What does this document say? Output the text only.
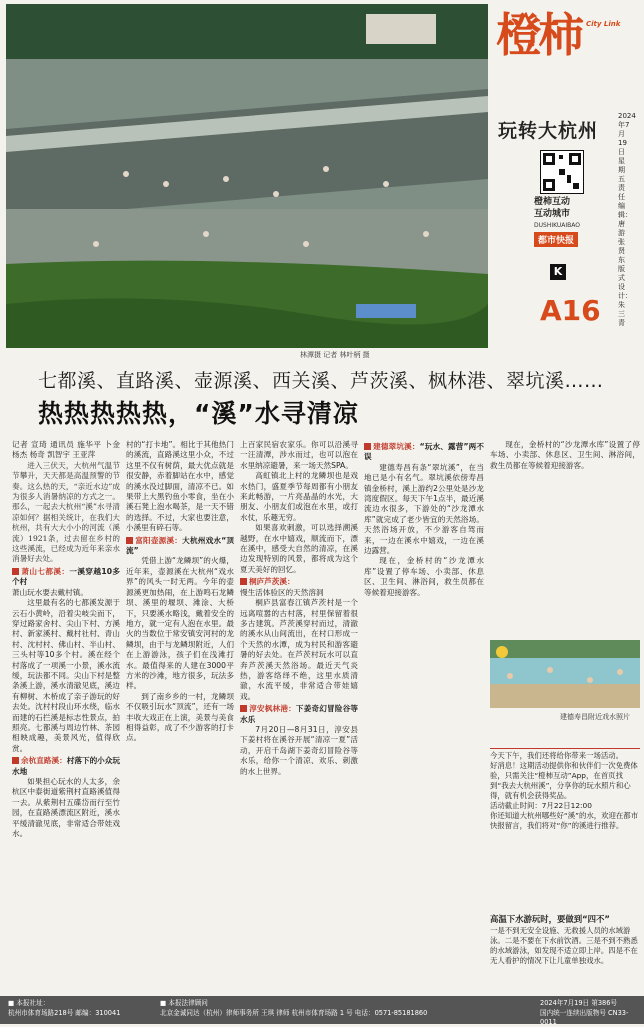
林潭摄 记者 林叶柄 摄
橙柿 City Link
玩转大杭州
2024年7月19日 星期五 责任编辑：唐游 张贤东 版式设计：朱三青
橙柿互动
互动城市
DUSHIKUAIBAO
都市快报
K
A16
七都溪、直路溪、壶源溪、西关溪、芦茨溪、枫林港、翠坑溪……
热热热热热，“溪”水寻清凉

记者 宣琦 通讯员 施华平 卜金 杨杰 杨奇 凯智宇 王亚萍

进入三伏天，大杭州气温节节攀升，天天都是高温预警的节奏。这么热的天，“亲近水边”成为很多人消暑纳凉的方式之一。那么，一起去大杭州“溪”水寻清凉如何？据相关统计，在我们大杭州，共有大大小小的河流（溪流）1921条，过去留在乡村的这些溪流，已经成为近年来亲水消暑好去处。

萧山七都溪：一溪穿越10多个村

萧山玩水要去戴村镇。

这里最有名的七都溪发源于云石小黄岭，沿着尖岐尖而下，穿过路家舍村、尖山下村、方溪村、新家溪村、戴村社村、青山村、沈村村、佛山村、半山村、三头村等10多个村。溪在经个村落成了一项溪一小景，溪水流缓，玩法都不同。尖山下村是整条溪上游，溪水清澈见底，溪边有柳树、木桥成了亲子游玩的好去处。沈村村段山环水绕，临水而建的石拦溪是标志性景点，拍照亮。七都溪与周边竹林、茶园相映成趣，美景风光，值得欣赏。

余杭直路溪：村落下的小众玩水地

如果担心玩水的人太多，余杭区中泰街道紫荆村直路溪值得一去。从紫荆村五碟岱而行至竹园，在直路溪漂流区附近，溪水平缓清澈见底，非常适合带娃戏水。

村的“打卡地”。相比于其他热门的溪流，直路溪这里小众，不过这里不仅有树荫，最大优点就是很安静，赤着脚站在水中，感觉的溪水没过脚面，清凉不已。如果带上大黑钓鱼小零食，坐在小溪石凳上泡水喝茶，是一天不错的选择。不过，大家也要注意，小溪里有碎石等。

富阳壶源溪：大杭州戏水“顶流”

凭借上游“龙鳞坝”的火爆，近年来，壶源溪在大杭州“戏水界”的风头一时无两。今年的壶源溪更加热闹，在上游鸣石龙鳞坝、溪里的堰坝、滩涂、大桥下，只要溪水略浅，戴着安全的地方，就一定有人泡在水里。最火的当数位于常安镇安河村的龙鳞坝，由于与龙鳞坝附近，人们在上游游泳，孩子们在浅滩打水。最值得来的人建在3000平方米的沙滩，地方很多，玩法多样。

到了南乡乡的一村，龙鳞坝不仅吸引玩水“顶流”，还有一场丰收大戏正在上演，美景与美食相得益彰，成了不少游客的打卡点。

上百家民宿农家乐。你可以沿溪寻一汪清潭，涉水而过，也可以泡在水里纳凉避暑，来一场天然SPA。

高虹镇北上村的龙鳞坝也是戏水热门，盛夏季节每周都有小朋友来此畅游，一片亮晶晶的水光，大朋友、小朋友们或泡在水里，或打水仗，乐趣无穷。

如果喜欢刺激，可以选择溯溪越野，在水中嬉戏，顺流而下，漂在溪中，感受大自然的清凉，在溪边发现特别的风景，都将成为这个夏天美好的回忆。

桐庐芦茨溪：

慢生活体验区的天然溶洞

桐庐县富春江镇芦茨村是一个远离喧嚣的古村落，村里保留着很多古建筑。芦茨溪穿村而过，清澈的溪水从山间流出，在村口形成一个天然的水潭，成为村民和游客避暑的好去处。在芦茨村玩水可以直奔芦茨溪天然浴场。最近天气炎热，游客络绎不绝，这里水质清澈，水流平缓，非常适合带娃嬉戏。

淳安枫林港：下姜奇幻冒险谷等水乐

7月20日—8月31日，淳安县下姜村将在溪谷开展“清凉一夏”活动，开启千岛湖下姜奇幻冒险谷等水乐，给你一个清凉、欢乐、刺激的水上世界。

建德翠坑溪：“玩水、露营”两不误

建德寿昌有条“翠坑溪”，在当地已是小有名气。翠坑溪依傍寿昌镇金桥村，溪上游约2公里处是沙龙湾度假区。每天下午1点半，最近溪流边水很多，下游处的“沙龙潭水库”就完成了老少皆宜的天然浴场。天然浴场开放，不少游客自驾而来，一边在溪水中嬉戏，一边在溪边露营。

现在，金桥村的“沙龙潭水库”设置了停车场、小卖部、休息区、卫生间、淋浴间，救生员都在等候着迎接游客。

现在，金桥村的“沙龙潭水库”设置了停车场、小卖部、休息区、卫生间、淋浴间，救生员都在等候着迎接游客。

建德寿昌附近戏水照片
今天下午，我们还将给你带来一场活动。
好消息！这期活动提供你和伙伴们一次免费体验，只需关注“橙柿互动”App，在首页找到“我去大杭州溪”，分享你的玩水照片和心得，就有机会获得奖品。
活动截止时间：7月22日12:00
你还知道大杭州哪些好“溪”的水，欢迎在都市快报留言，我们将对“你”的溪进行推荐。
高温下水游玩时，要做到“四不”
一是不到无安全设施、无救援人员的水域游泳。二是不要在下水前饮酒。三是不到不熟悉的水域游泳，如发现不适立即上岸。四是不在无人看护的情况下让儿童单独戏水。
■ 本报社址：
杭州市体育场路218号 邮编：310041
■ 本报法律顾问
北京金诚同达（杭州）律师事务所 王琪 律师 杭州市体育场路 1 号 电话：0571-85181860
2024年7月19日 第386号
国内统一连续出版物号 CN33-0011
